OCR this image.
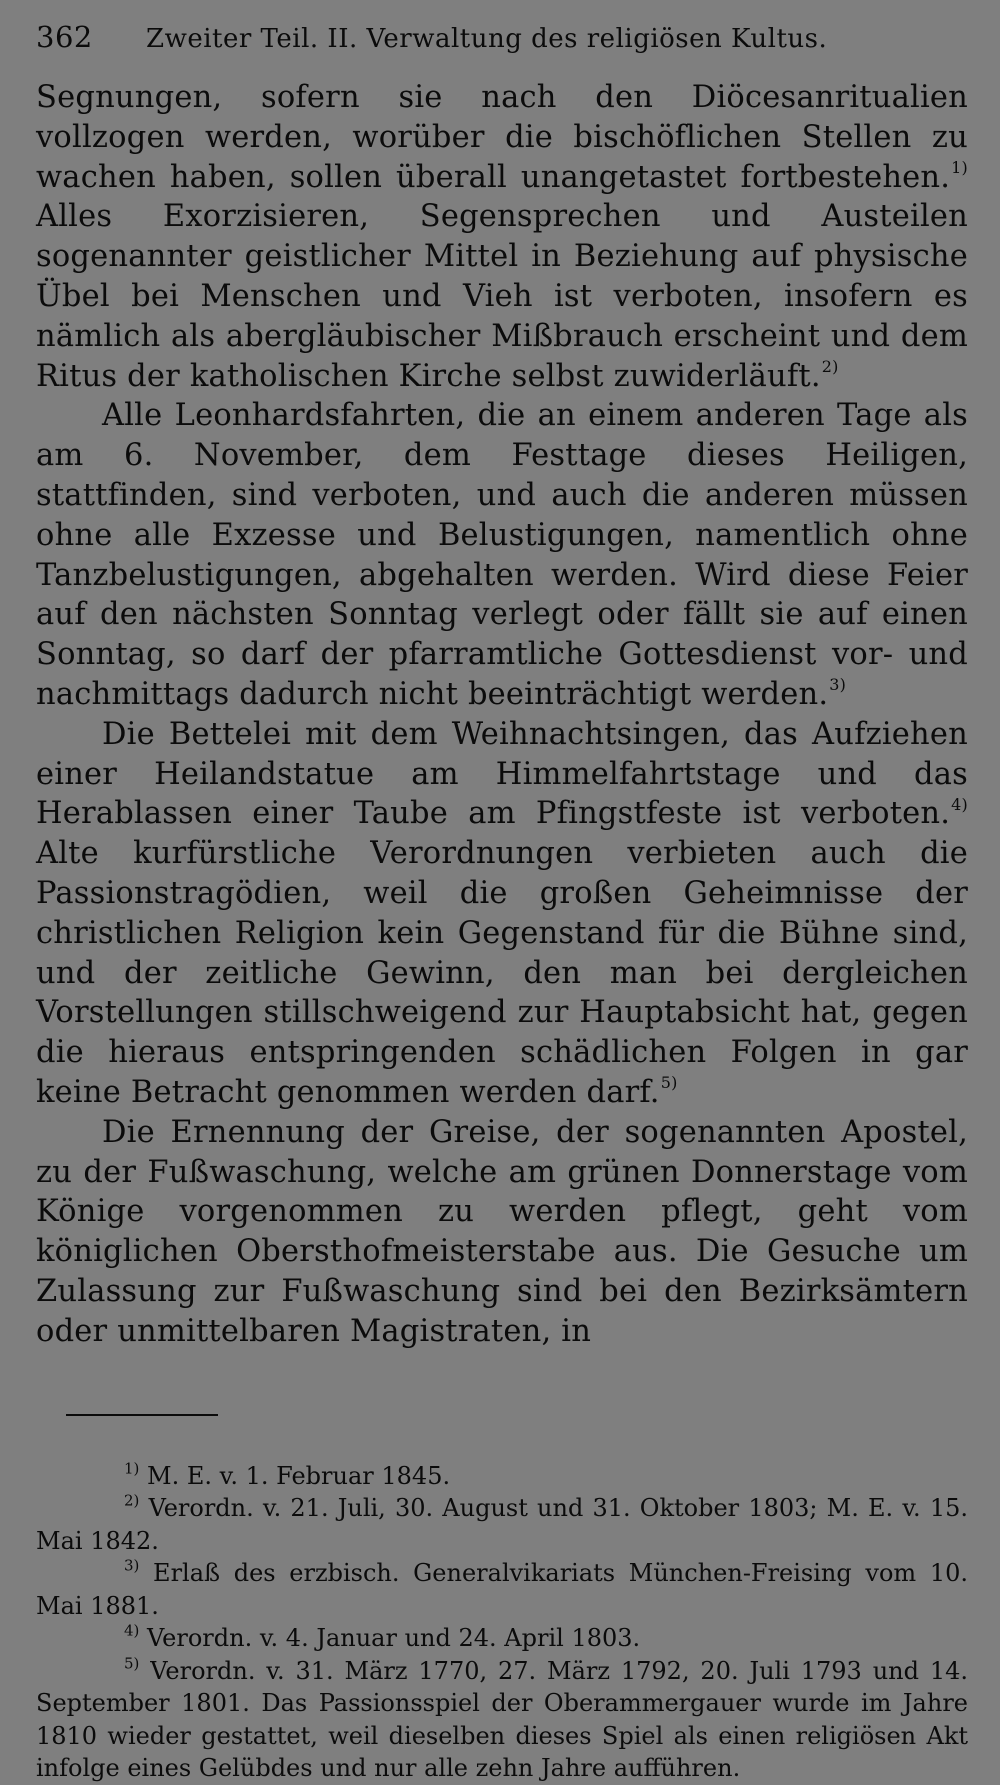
362	Zweiter Teil. II. Verwaltung des religiösen Kultus.

Segnungen, sofern sie nach den Diöcesanritualien vollzogen werden, worüber die bischöflichen Stellen zu wachen haben, sollen überall unangetastet fortbestehen.$^{1)}$ Alles Exorzisieren, Segensprechen und Austeilen sogenannter geistlicher Mittel in Beziehung auf physische Übel bei Menschen und Vieh ist verboten, insofern es nämlich als abergläubischer Mißbrauch erscheint und dem Ritus der katholischen Kirche selbst zuwiderläuft.$^{2)}$

Alle Leonhardsfahrten, die an einem anderen Tage als am 6. November, dem Festtage dieses Heiligen, stattfinden, sind verboten, und auch die anderen müssen ohne alle Exzesse und Belustigungen, namentlich ohne Tanzbelustigungen, abgehalten werden. Wird diese Feier auf den nächsten Sonntag verlegt oder fällt sie auf einen Sonntag, so darf der pfarramtliche Gottesdienst vor- und nachmittags dadurch nicht beeinträchtigt werden.$^{3)}$

Die Bettelei mit dem Weihnachtsingen, das Aufziehen einer Heilandstatue am Himmelfahrtstage und das Herablassen einer Taube am Pfingstfeste ist verboten.$^{4)}$ Alte kurfürstliche Verordnungen verbieten auch die Passionstragödien, weil die großen Geheimnisse der christlichen Religion kein Gegenstand für die Bühne sind, und der zeitliche Gewinn, den man bei dergleichen Vorstellungen stillschweigend zur Hauptabsicht hat, gegen die hieraus entspringenden schädlichen Folgen in gar keine Betracht genommen werden darf.$^{5)}$

Die Ernennung der Greise, der sogenannten Apostel, zu der Fußwaschung, welche am grünen Donnerstage vom Könige vorgenommen zu werden pflegt, geht vom königlichen Obersthofmeisterstabe aus. Die Gesuche um Zulassung zur Fußwaschung sind bei den Bezirksämtern oder unmittelbaren Magistraten, in

$^{1)}$ M. E. v. 1. Februar 1845.

$^{2)}$ Verordn. v. 21. Juli, 30. August und 31. Oktober 1803; M. E. v. 15. Mai 1842.

$^{3)}$ Erlaß des erzbisch. Generalvikariats München-Freising vom 10. Mai 1881.

$^{4)}$ Verordn. v. 4. Januar und 24. April 1803.

$^{5)}$ Verordn. v. 31. März 1770, 27. März 1792, 20. Juli 1793 und 14. September 1801. Das Passionsspiel der Oberammergauer wurde im Jahre 1810 wieder gestattet, weil dieselben dieses Spiel als einen religiösen Akt infolge eines Gelübdes und nur alle zehn Jahre aufführen.
